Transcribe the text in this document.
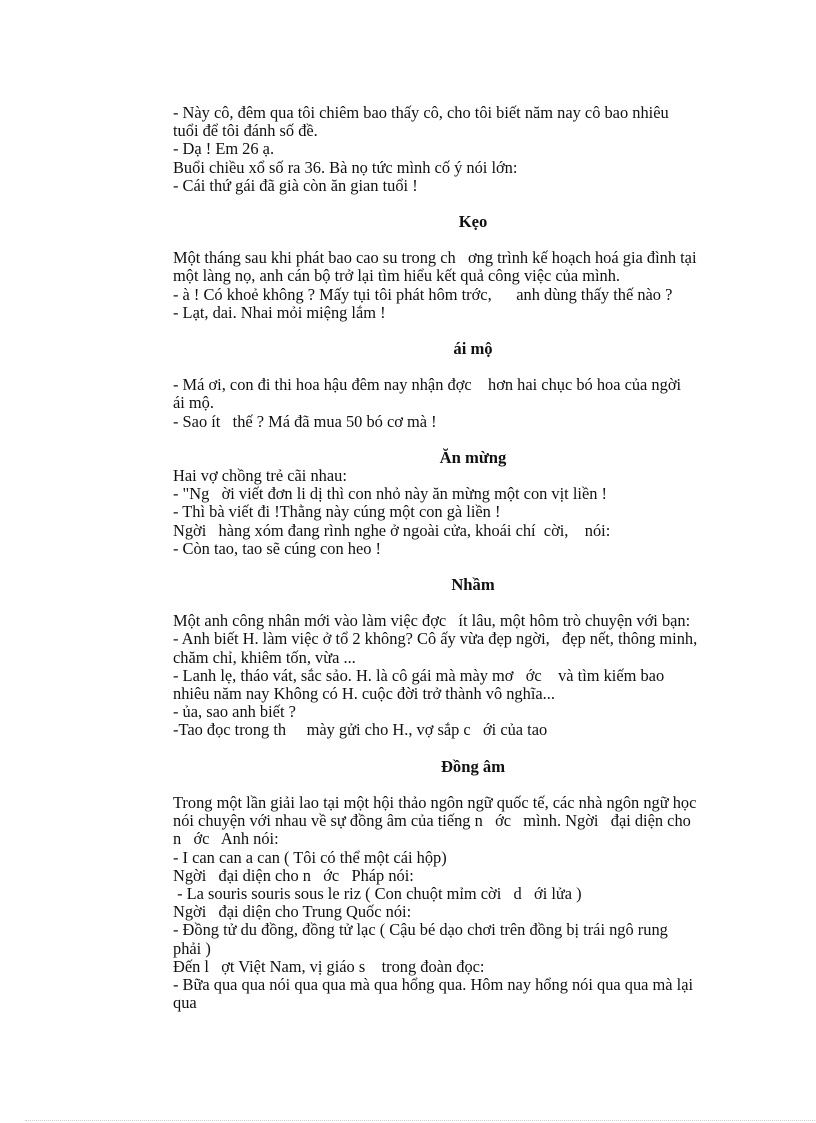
- Này cô, đêm qua tôi chiêm bao thấy cô, cho tôi biết năm nay cô bao nhiêu

tuổi để tôi đánh số đề.

- Dạ ! Em 26 ạ.

Buổi chiều xổ số ra 36. Bà nọ tức mình cố ý nói lớn:

- Cái thứ gái đã già còn ăn gian tuổi !

Kẹo

Một tháng sau khi phát bao cao su trong ch   ơng trình kế hoạch hoá gia đình tại

một làng nọ, anh cán bộ trở lại tìm hiểu kết quả công việc của mình.

- à ! Có khoẻ không ? Mấy tụi tôi phát hôm trớc,      anh dùng thấy thế nào ?

- Lạt, dai. Nhai mỏi miệng lắm !

ái mộ

- Má ơi, con đi thi hoa hậu đêm nay nhận đợc    hơn hai chục bó hoa của ngời

ái mộ.

- Sao ít   thế ? Má đã mua 50 bó cơ mà !

Ăn mừng

Hai vợ chồng trẻ cãi nhau:

- "Ng   ời viết đơn li dị thì con nhỏ này ăn mừng một con vịt liền !

- Thì bà viết đi !Thằng này cúng một con gà liền !

Ngời   hàng xóm đang rình nghe ở ngoài cửa, khoái chí  cời,    nói:

- Còn tao, tao sẽ cúng con heo !

Nhầm

Một anh công nhân mới vào làm việc đợc   ít lâu, một hôm trò chuyện với bạn:

- Anh biết H. làm việc ở tổ 2 không? Cô ấy vừa đẹp ngời,   đẹp nết, thông minh,

chăm chỉ, khiêm tốn, vừa ...

- Lanh lẹ, tháo vát, sắc sảo. H. là cô gái mà mày mơ   ớc    và tìm kiếm bao

nhiêu năm nay Không có H. cuộc đời trở thành vô nghĩa...

- ủa, sao anh biết ?

-Tao đọc trong th     mày gửi cho H., vợ sắp c   ới của tao

Đồng âm

Trong một lần giải lao tại một hội thảo ngôn ngữ quốc tế, các nhà ngôn ngữ học

nói chuyện với nhau về sự đồng âm của tiếng n   ớc   mình. Ngời   đại diện cho

n   ớc   Anh nói:

- I can can a can ( Tôi có thể một cái hộp)

Ngời   đại diện cho n   ớc   Pháp nói:

- La souris souris sous le riz ( Con chuột mỉm cời   d   ới lửa )

Ngời   đại diện cho Trung Quốc nói:

- Đồng tử du đồng, đồng tử lạc ( Cậu bé dạo chơi trên đồng bị trái ngô rung

phải )

Đến l   ợt Việt Nam, vị giáo s    trong đoàn đọc:

- Bữa qua qua nói qua qua mà qua hổng qua. Hôm nay hổng nói qua qua mà lại

qua
